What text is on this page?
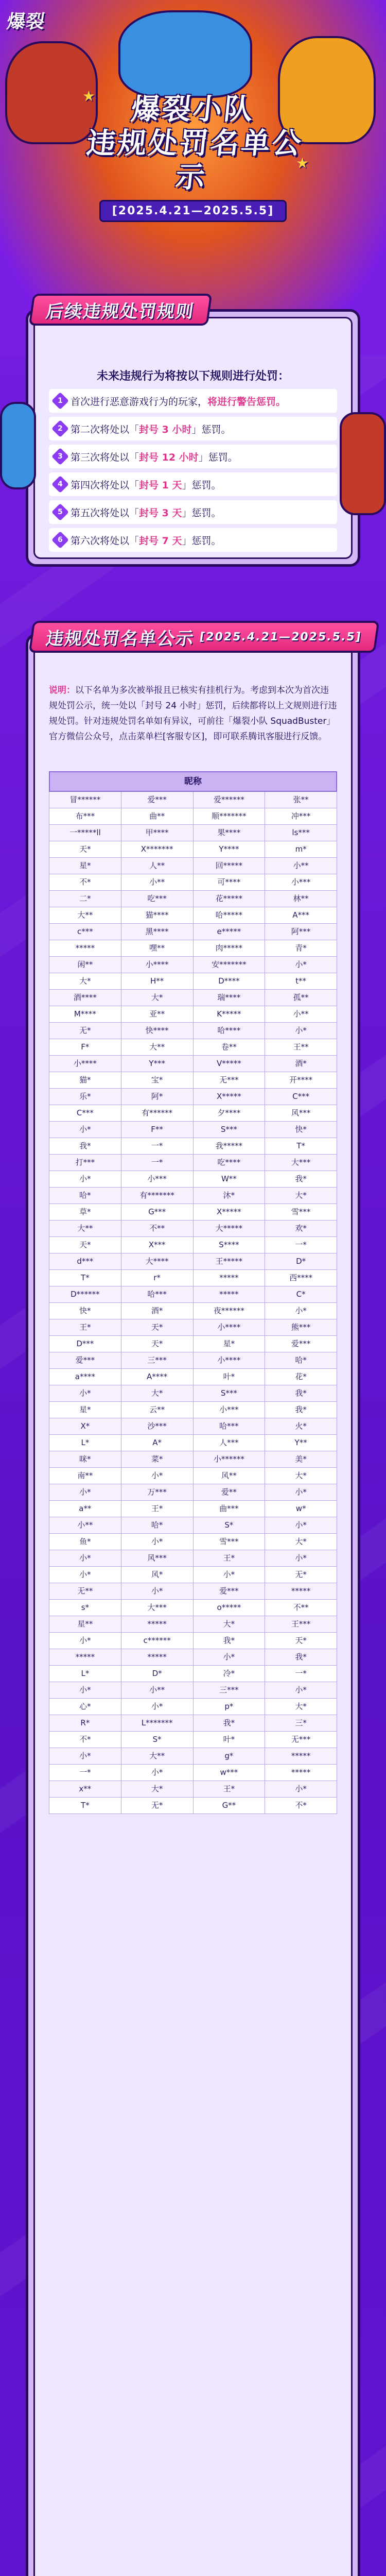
爆裂
★
★
爆裂小队
违规处罚名单公示
[2025.4.21—2025.5.5]
未来违规行为将按以下规则进行处罚：
1 首次进行恶意游戏行为的玩家， 将进行警告惩罚。
2 第二次将处以「 封号 3 小时 」惩罚。
3 第三次将处以「 封号 12 小时 」惩罚。
4 第四次将处以「 封号 1 天 」惩罚。
5 第五次将处以「 封号 3 天 」惩罚。
6 第六次将处以「 封号 7 天 」惩罚。
后续违规处罚规则
说明：以下名单为多次被举报且已核实有挂机行为。考虑到本次为首次违规处罚公示，统一处以「封号 24 小时」惩罚，后续都将以上文规则进行违规处罚。针对违规处罚名单如有异议，可前往「爆裂小队 SquadBuster」官方微信公众号，点击菜单栏[客服专区]，即可联系腾讯客服进行反馈。
昵称
冒******	爱***	爱******	张**
布***	曲**	顺*******	冲***
一*****ll	甲****	果****	ls***
天*	X*******	Y****	m*
星*	人**	回*****	小**
不*	小**	可****	小***
二*	吃***	花*****	林**
大**	猫****	哈*****	A***
c***	黑****	e*****	阿***
*****	嘿**	肉*****	青*
闲**	小****	安*******	小*
大*	H**	D****	t**
酒****	大*	瑞****	孤**
M****	亚**	K*****	小**
无*	快****	哈****	小*
F*	大**	卷**	王**
小****	Y***	V*****	酒*
猫*	宝*	无***	开****
乐*	阿*	X*****	C***
C***	有******	夕****	风***
小*	F**	S***	快*
我*	一*	我*****	T*
打***	一*	吃****	大***
小*	小***	W**	我*
哈*	有*******	沐*	大*
草*	G***	X*****	雪***
大**	不**	大*****	欢*
天*	X***	S****	一*
d***	大****	王*****	D*
T*	r*	*****	西****
D******	哈***	*****	C*
快*	酒*	夜******	小*
王*	天*	小****	熊***
D***	天*	星*	爱***
爱***	三***	小****	哈*
a****	A****	叶*	花*
小*	大*	S***	我*
星*	云**	小***	我*
X*	沙***	哈***	火*
L*	A*	人***	Y**
咪*	菜*	小******	美*
南**	小*	风**	大*
小*	万***	爱**	小*
a**	王*	曲***	w*
小**	哈*	S*	小*
鱼*	小*	雪***	大*
小*	风***	王*	小*
小*	风*	小*	无*
无**	小*	爱***	*****
s*	大***	o*****	不**
星**	*****	大*	王***
小*	c******	我*	天*
*****	*****	小*	我*
L*	D*	冷*	一*
小*	小**	三***	小*
心*	小*	p*	大*
R*	L*******	我*	三*
不*	S*	叶*	无***
小*	大**	g*	*****
一*	小*	w***	*****
x**	大*	王*	小*
T*	无*	G**	不*
违规处罚名单公示 [2025.4.21—2025.5.5]
